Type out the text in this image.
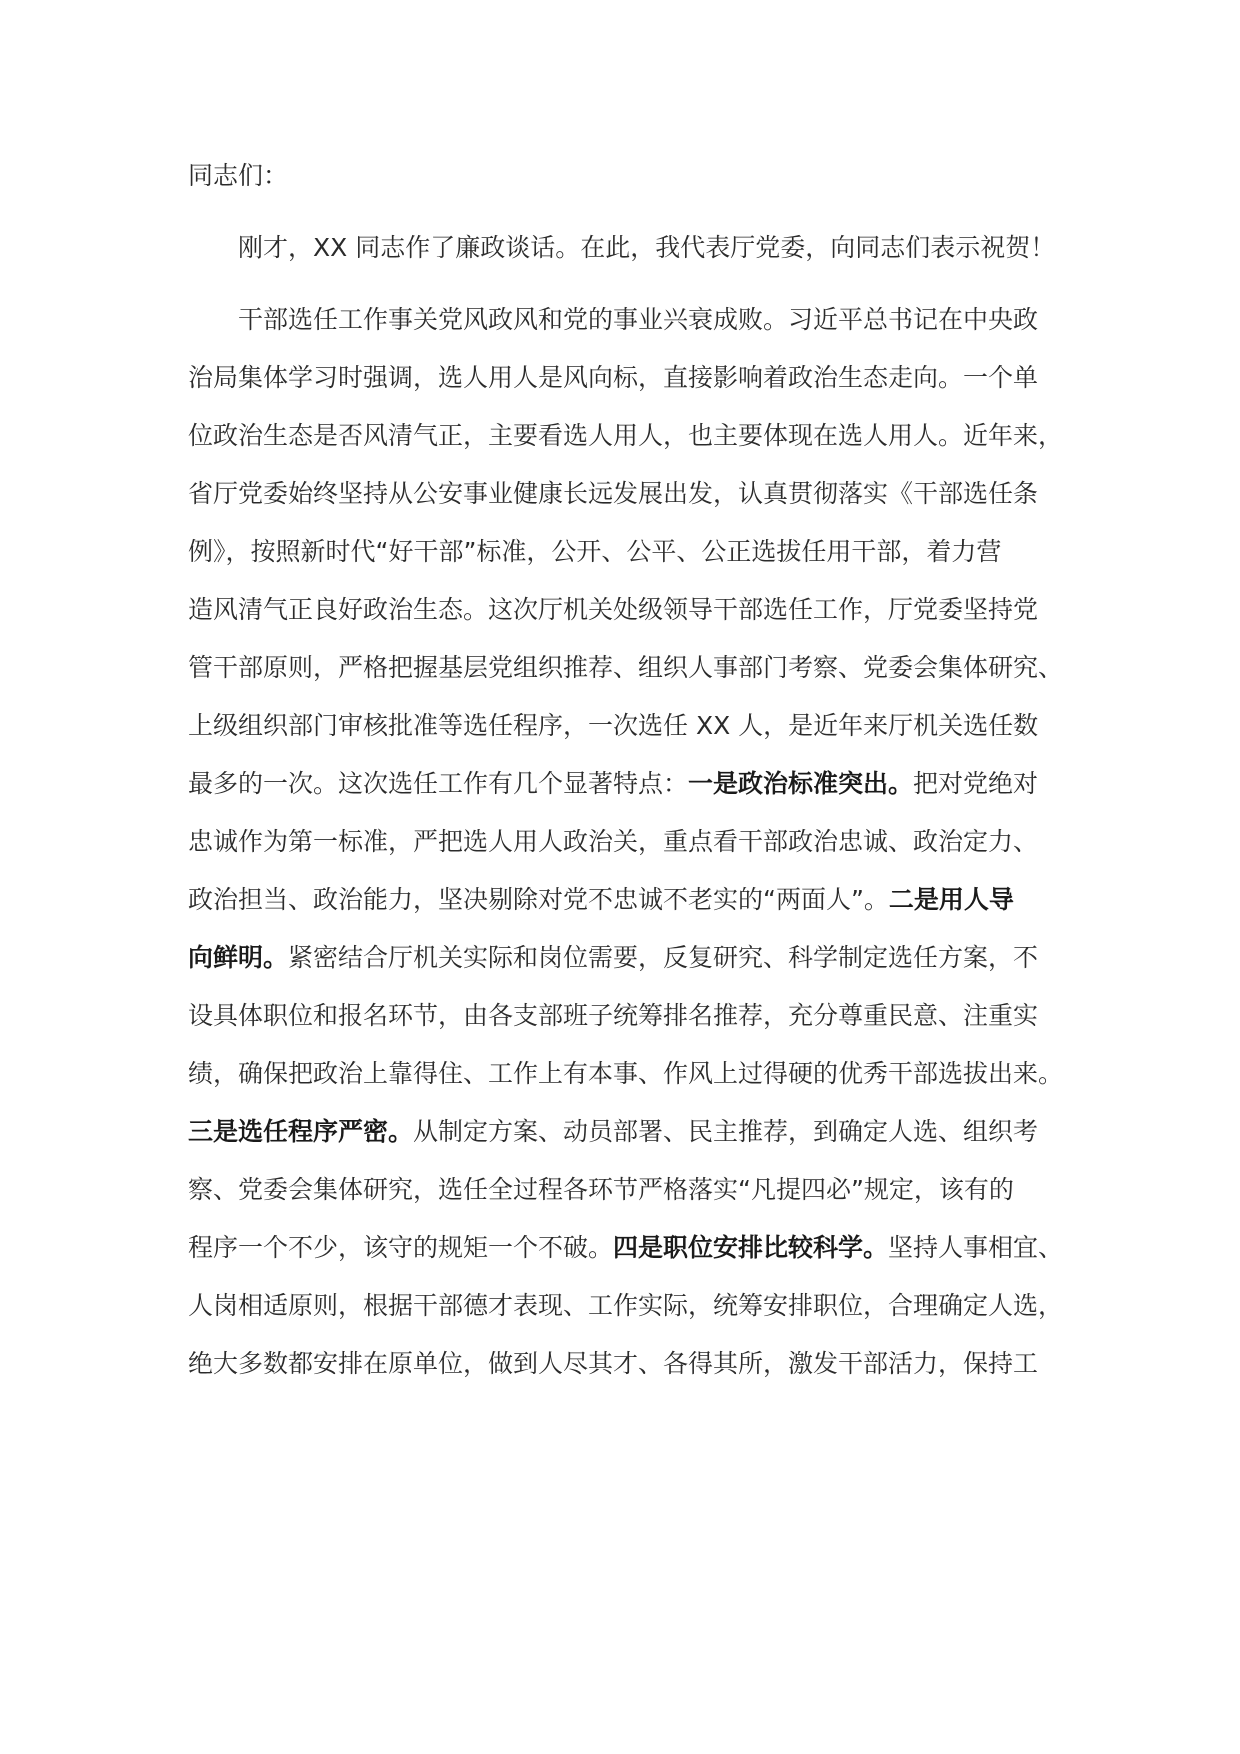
同志们：
刚才，XX 同志作了廉政谈话。在此，我代表厅党委，向同志们表示祝贺！
干部选任工作事关党风政风和党的事业兴衰成败。习近平总书记在中央政
治局集体学习时强调，选人用人是风向标，直接影响着政治生态走向。一个单
位政治生态是否风清气正，主要看选人用人，也主要体现在选人用人。近年来，
省厅党委始终坚持从公安事业健康长远发展出发，认真贯彻落实《干部选任条
例》，按照新时代“好干部”标准，公开、公平、公正选拔任用干部，着力营
造风清气正良好政治生态。这次厅机关处级领导干部选任工作，厅党委坚持党
管干部原则，严格把握基层党组织推荐、组织人事部门考察、党委会集体研究、
上级组织部门审核批准等选任程序，一次选任 XX 人，是近年来厅机关选任数
最多的一次。这次选任工作有几个显著特点：一是政治标准突出。把对党绝对
忠诚作为第一标准，严把选人用人政治关，重点看干部政治忠诚、政治定力、
政治担当、政治能力，坚决剔除对党不忠诚不老实的“两面人”。二是用人导
向鲜明。紧密结合厅机关实际和岗位需要，反复研究、科学制定选任方案，不
设具体职位和报名环节，由各支部班子统筹排名推荐，充分尊重民意、注重实
绩，确保把政治上靠得住、工作上有本事、作风上过得硬的优秀干部选拔出来。
三是选任程序严密。从制定方案、动员部署、民主推荐，到确定人选、组织考
察、党委会集体研究，选任全过程各环节严格落实“凡提四必”规定，该有的
程序一个不少，该守的规矩一个不破。四是职位安排比较科学。坚持人事相宜、
人岗相适原则，根据干部德才表现、工作实际，统筹安排职位，合理确定人选，
绝大多数都安排在原单位，做到人尽其才、各得其所，激发干部活力，保持工
